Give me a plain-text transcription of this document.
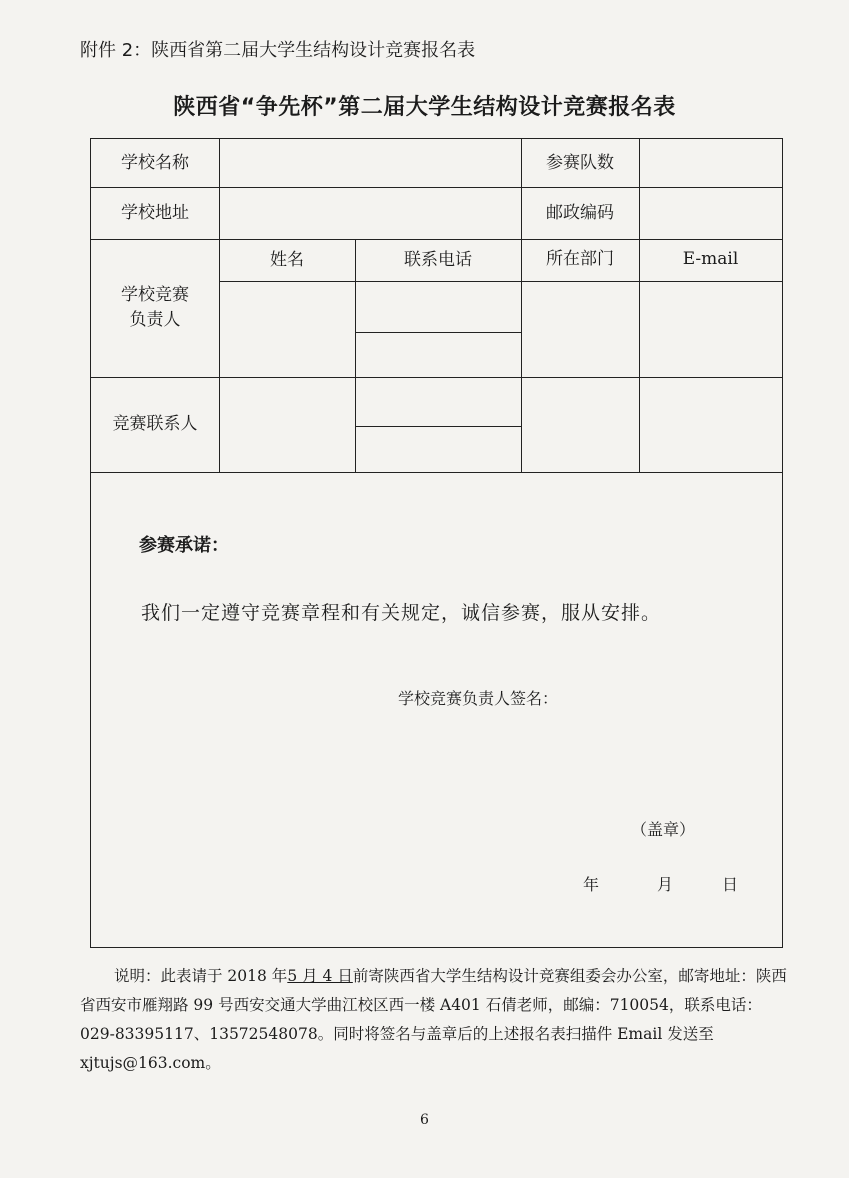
附件 2：陕西省第二届大学生结构设计竞赛报名表
陕西省“争先杯”第二届大学生结构设计竞赛报名表
学校名称	参赛队数
学校地址	邮政编码
姓名	联系电话	所在部门	E-mail
学校竞赛
负责人
竞赛联系人
参赛承诺：
我们一定遵守竞赛章程和有关规定，诚信参赛，服从安排。
学校竞赛负责人签名：
（盖章）
年	月	日
说明：此表请于 2018 年5 月 4 日前寄陕西省大学生结构设计竞赛组委会办公室，邮寄地址：陕西省西安市雁翔路 99 号西安交通大学曲江校区西一楼 A401 石倩老师，邮编：710054，联系电话：029-83395117、13572548078。同时将签名与盖章后的上述报名表扫描件 Email 发送至 xjtujs@163.com。
6
